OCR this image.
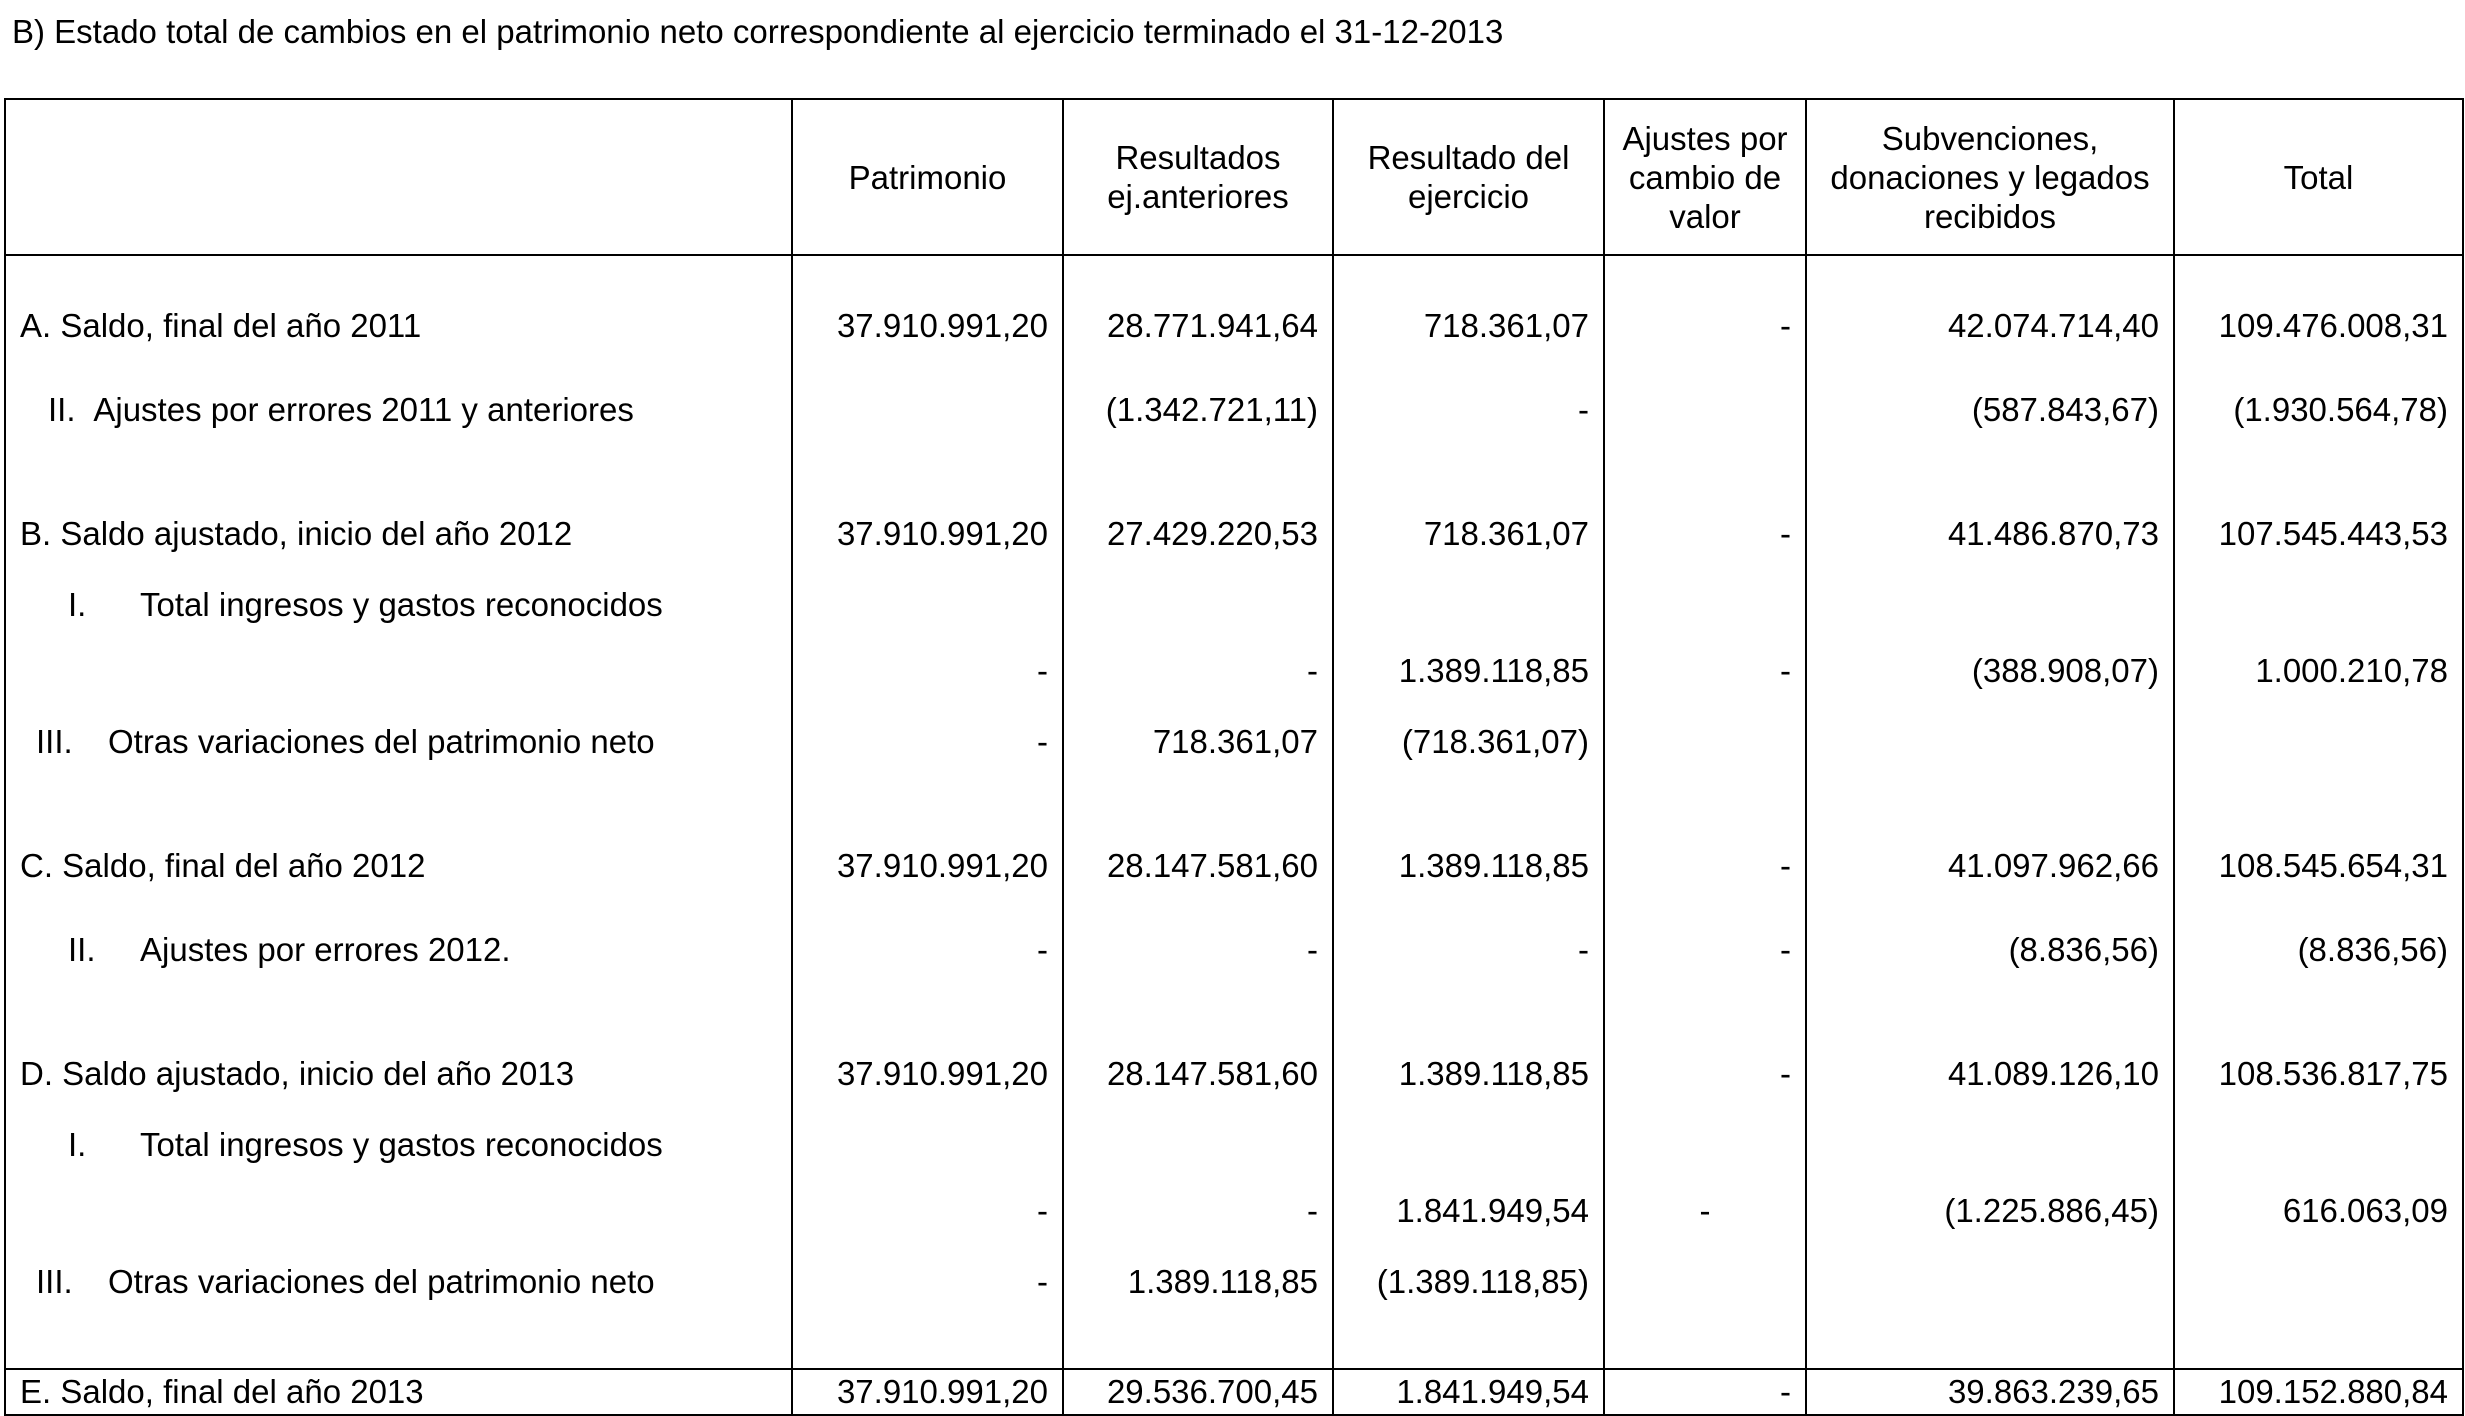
B) Estado total de cambios en el patrimonio neto correspondiente al ejercicio terminado el 31-12-2013
	Patrimonio	Resultados ej.anteriores	Resultado del ejercicio	Ajustes por cambio de valor	Subvenciones, donaciones y legados recibidos	Total

A. Saldo, final del año 2011	37.910.991,20	28.771.941,64	718.361,07	-	42.074.714,40	109.476.008,31
II. Ajustes por errores 2011 y anteriores		(1.342.721,11)	-		(587.843,67)	(1.930.564,78)

B. Saldo ajustado, inicio del año 2012	37.910.991,20	27.429.220,53	718.361,07	-	41.486.870,73	107.545.443,53
I. Total ingresos y gastos reconocidos	-	-	1.389.118,85	-	(388.908,07)	1.000.210,78
III. Otras variaciones del patrimonio neto	-	718.361,07	(718.361,07)			

C. Saldo, final del año 2012	37.910.991,20	28.147.581,60	1.389.118,85	-	41.097.962,66	108.545.654,31
II. Ajustes por errores 2012.	-	-	-	-	(8.836,56)	(8.836,56)

D. Saldo ajustado, inicio del año 2013	37.910.991,20	28.147.581,60	1.389.118,85	-	41.089.126,10	108.536.817,75
I. Total ingresos y gastos reconocidos	-	-	1.841.949,54	-	(1.225.886,45)	616.063,09
III. Otras variaciones del patrimonio neto	-	1.389.118,85	(1.389.118,85)			

E. Saldo, final del año 2013	37.910.991,20	29.536.700,45	1.841.949,54	-	39.863.239,65	109.152.880,84
